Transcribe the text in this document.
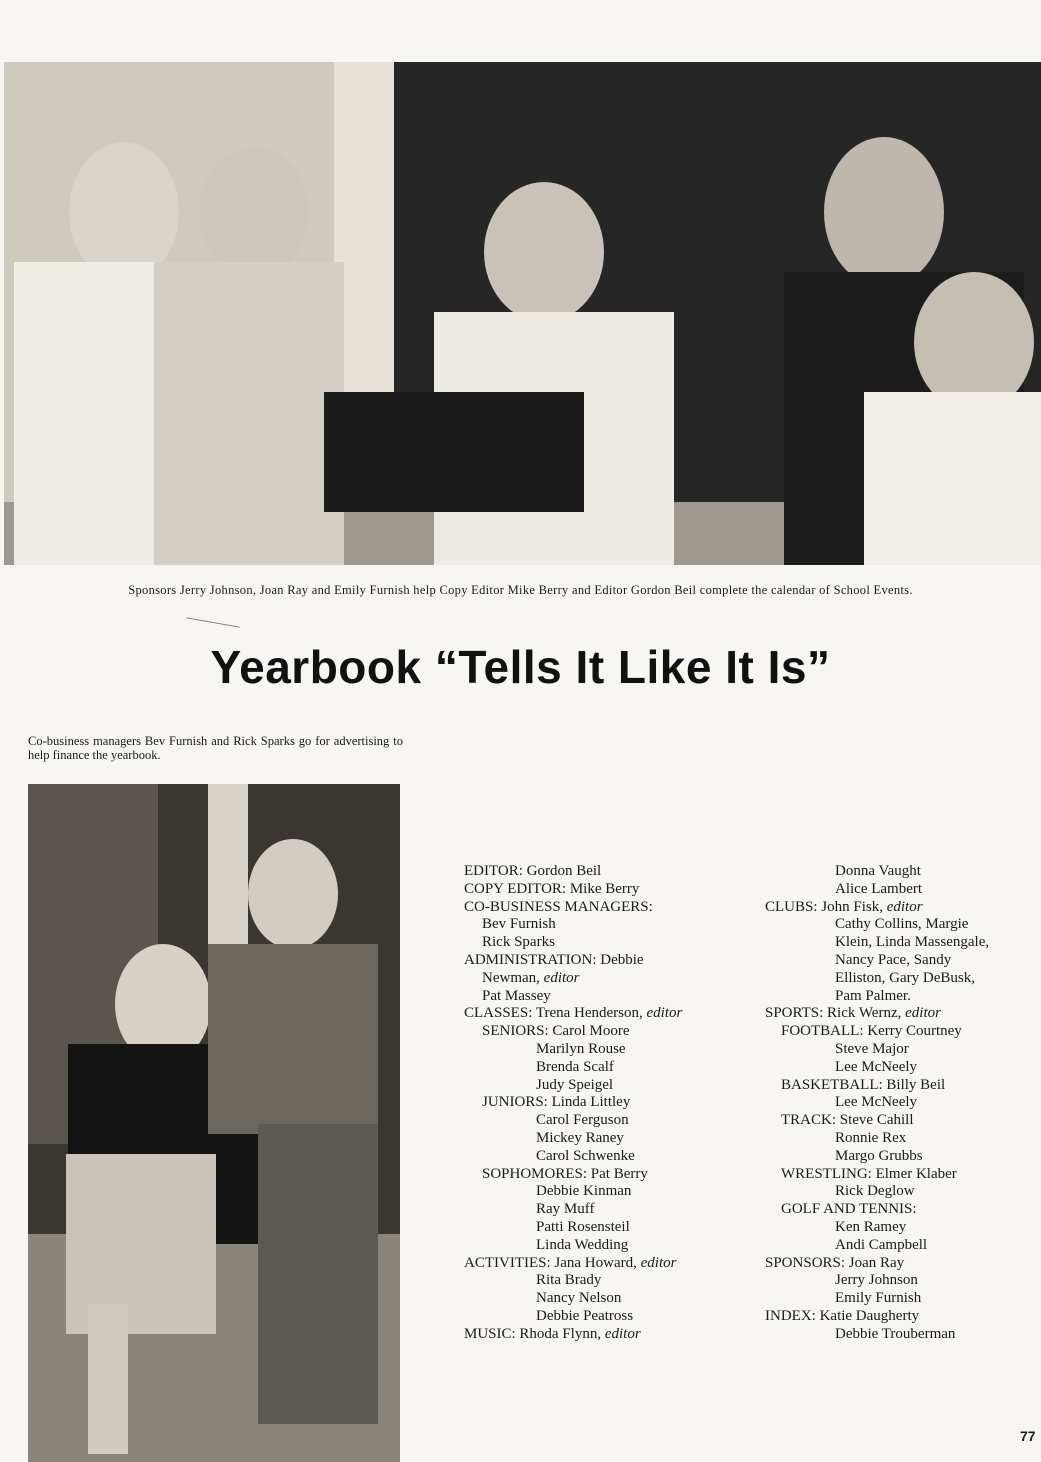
Sponsors Jerry Johnson, Joan Ray and Emily Furnish help Copy Editor Mike Berry and Editor Gordon Beil complete the calendar of School Events.
Yearbook “Tells It Like It Is”
Co-business managers Bev Furnish and Rick Sparks go for advertising to help finance the yearbook.
EDITOR: Gordon Beil
COPY EDITOR: Mike Berry
CO-BUSINESS MANAGERS:
Bev Furnish
Rick Sparks
ADMINISTRATION: Debbie
Newman, editor
Pat Massey
CLASSES: Trena Henderson, editor
SENIORS: Carol Moore
Marilyn Rouse
Brenda Scalf
Judy Speigel
JUNIORS: Linda Littley
Carol Ferguson
Mickey Raney
Carol Schwenke
SOPHOMORES: Pat Berry
Debbie Kinman
Ray Muff
Patti Rosensteil
Linda Wedding
ACTIVITIES: Jana Howard, editor
Rita Brady
Nancy Nelson
Debbie Peatross
MUSIC: Rhoda Flynn, editor
Donna Vaught
Alice Lambert
CLUBS: John Fisk, editor
Cathy Collins, Margie
Klein, Linda Massengale,
Nancy Pace, Sandy
Elliston, Gary DeBusk,
Pam Palmer.
SPORTS: Rick Wernz, editor
FOOTBALL: Kerry Courtney
Steve Major
Lee McNeely
BASKETBALL: Billy Beil
Lee McNeely
TRACK: Steve Cahill
Ronnie Rex
Margo Grubbs
WRESTLING: Elmer Klaber
Rick Deglow
GOLF AND TENNIS:
Ken Ramey
Andi Campbell
SPONSORS: Joan Ray
Jerry Johnson
Emily Furnish
INDEX: Katie Daugherty
Debbie Trouberman
77
